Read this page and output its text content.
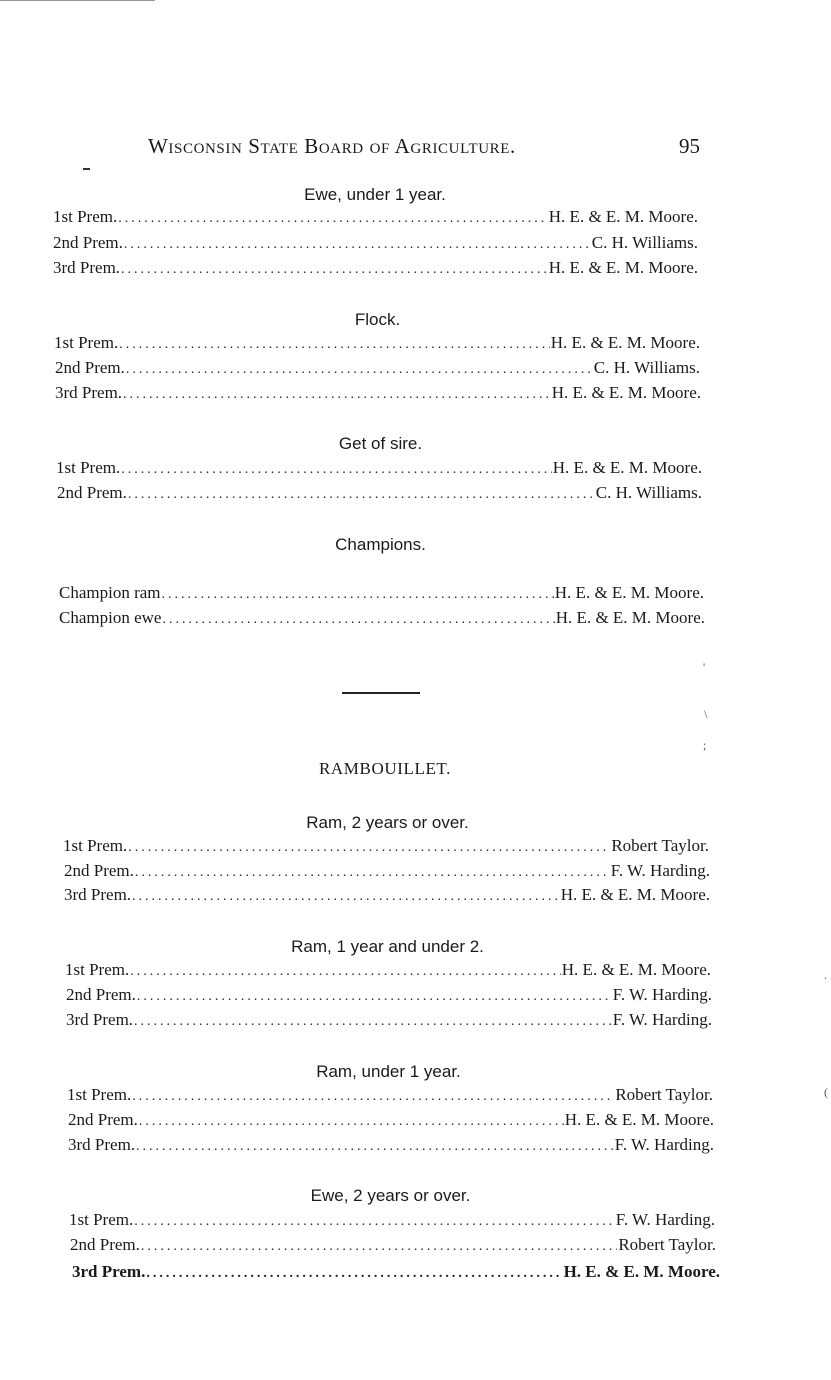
Wisconsin State Board of Agriculture.	95
Ewe, under 1 year.
1st Prem. .....	H. E. & E. M. Moore.
2nd Prem. .....	C. H. Williams.
3rd Prem. .....	H. E. & E. M. Moore.
Flock.
1st Prem. .....	H. E. & E. M. Moore.
2nd Prem. .....	C. H. Williams.
3rd Prem. .....	H. E. & E. M. Moore.
Get of sire.
1st Prem. .....	H. E. & E. M. Moore.
2nd Prem. .....	C. H. Williams.
Champions.
Champion ram .....	H. E. & E. M. Moore.
Champion ewe .....	H. E. & E. M. Moore.
RAMBOUILLET.
Ram, 2 years or over.
1st Prem. .....	Robert Taylor.
2nd Prem. .....	F. W. Harding.
3rd Prem. .....	H. E. & E. M. Moore.
Ram, 1 year and under 2.
1st Prem. .....	H. E. & E. M. Moore.
2nd Prem. .....	F. W. Harding.
3rd Prem. .....	F. W. Harding.
Ram, under 1 year.
1st Prem. .....	Robert Taylor.
2nd Prem. .....	H. E. & E. M. Moore.
3rd Prem. .....	F. W. Harding.
Ewe, 2 years or over.
1st Prem. .....	F. W. Harding.
2nd Prem. .....	Robert Taylor.
3rd Prem. .....	H. E. & E. M. Moore.
'
\
;
(
.
